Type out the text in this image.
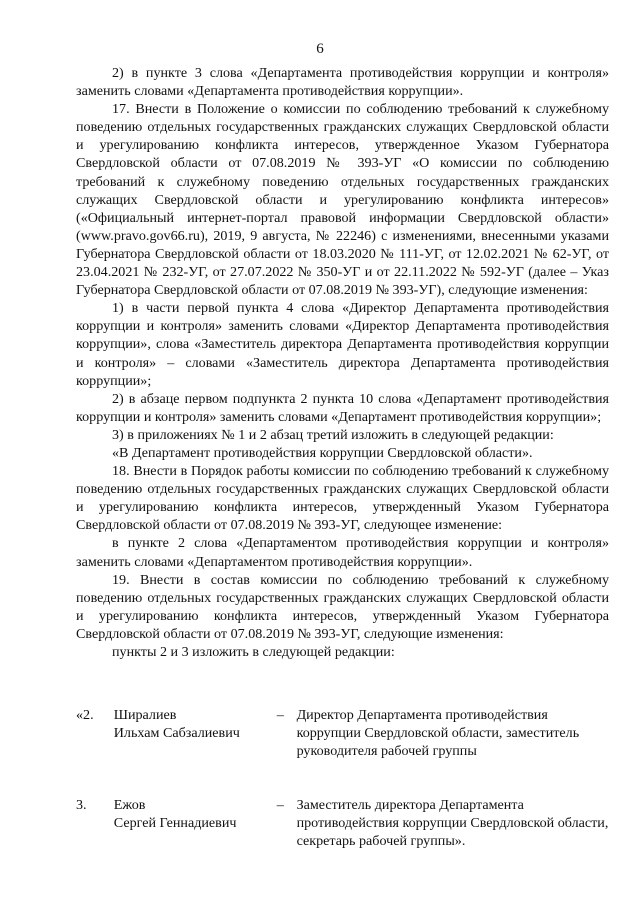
6

2) в пункте 3 слова «Департамента противодействия коррупции и контроля» заменить словами «Департамента противодействия коррупции».

17. Внести в Положение о комиссии по соблюдению требований к служебному поведению отдельных государственных гражданских служащих Свердловской области и урегулированию конфликта интересов, утвержденное Указом Губернатора Свердловской области от 07.08.2019 № 393-УГ «О комиссии по соблюдению требований к служебному поведению отдельных государственных гражданских служащих Свердловской области и урегулированию конфликта интересов» («Официальный интернет-портал правовой информации Свердловской области» (www.pravo.gov66.ru), 2019, 9 августа, № 22246) с изменениями, внесенными указами Губернатора Свердловской области от 18.03.2020 № 111-УГ, от 12.02.2021 № 62-УГ, от 23.04.2021 № 232-УГ, от 27.07.2022 № 350-УГ и от 22.11.2022 № 592-УГ (далее – Указ Губернатора Свердловской области от 07.08.2019 № 393-УГ), следующие изменения:

1) в части первой пункта 4 слова «Директор Департамента противодействия коррупции и контроля» заменить словами «Директор Департамента противодействия коррупции», слова «Заместитель директора Департамента противодействия коррупции и контроля» – словами «Заместитель директора Департамента противодействия коррупции»;

2) в абзаце первом подпункта 2 пункта 10 слова «Департамент противодействия коррупции и контроля» заменить словами «Департамент противодействия коррупции»;

3) в приложениях № 1 и 2 абзац третий изложить в следующей редакции:

«В Департамент противодействия коррупции Свердловской области».

18. Внести в Порядок работы комиссии по соблюдению требований к служебному поведению отдельных государственных гражданских служащих Свердловской области и урегулированию конфликта интересов, утвержденный Указом Губернатора Свердловской области от 07.08.2019 № 393-УГ, следующее изменение:

в пункте 2 слова «Департаментом противодействия коррупции и контроля» заменить словами «Департаментом противодействия коррупции».

19. Внести в состав комиссии по соблюдению требований к служебному поведению отдельных государственных гражданских служащих Свердловской области и урегулированию конфликта интересов, утвержденный Указом Губернатора Свердловской области от 07.08.2019 № 393-УГ, следующие изменения:

пункты 2 и 3 изложить в следующей редакции:

«2.	Ширалиев
Ильхам Сабзалиевич	–	Директор Департамента противодействия коррупции Свердловской области, заместитель руководителя рабочей группы

3.	Ежов
Сергей Геннадиевич	–	Заместитель директора Департамента противодействия коррупции Свердловской области, секретарь рабочей группы».
